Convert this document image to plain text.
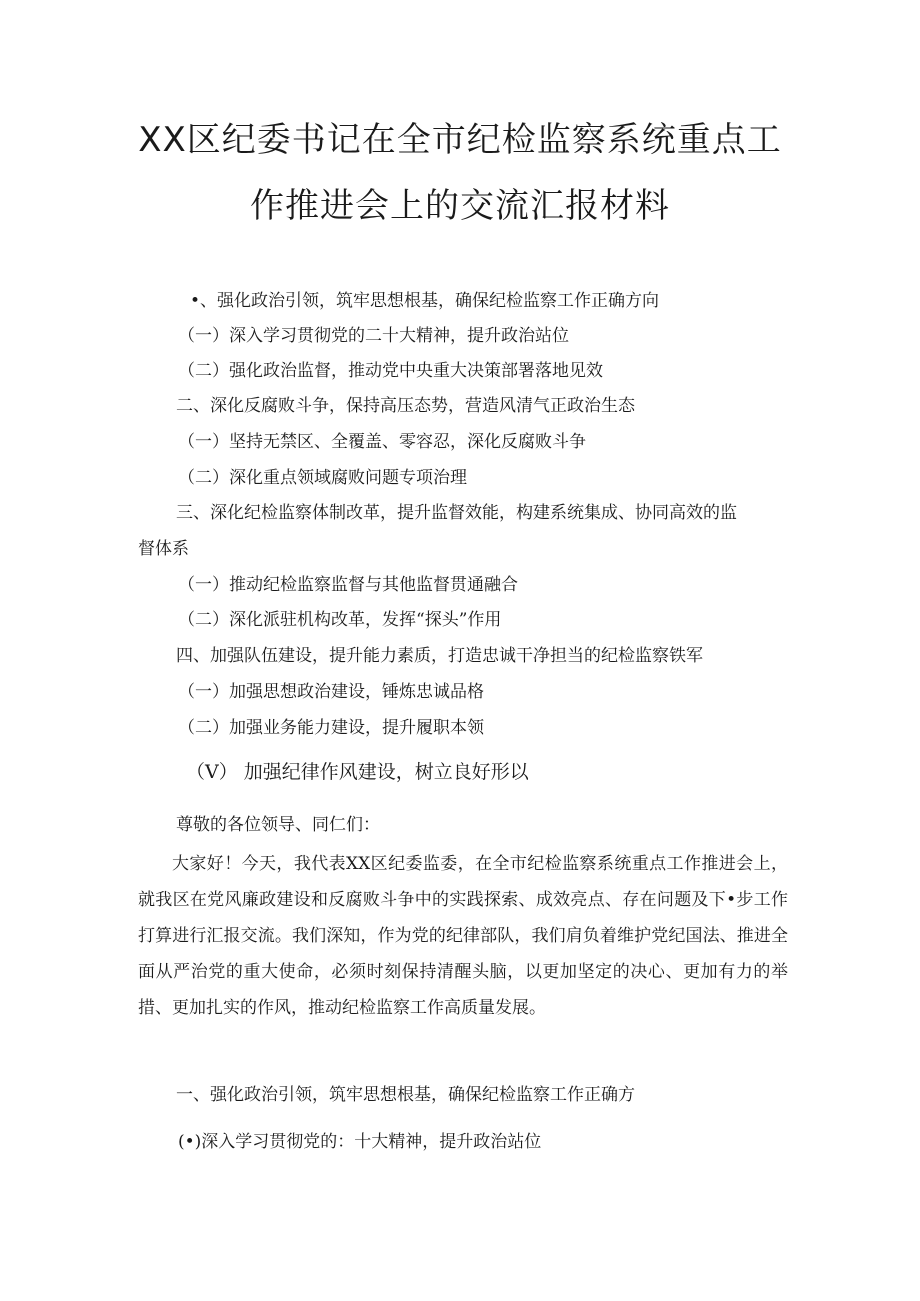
XX区纪委书记在全市纪检监察系统重点工
作推进会上的交流汇报材料

•、强化政治引领，筑牢思想根基，确保纪检监察工作正确方向

（一）深入学习贯彻党的二十大精神，提升政治站位

（二）强化政治监督，推动党中央重大决策部署落地见效

二、深化反腐败斗争，保持高压态势，营造风清气正政治生态

（一）坚持无禁区、全覆盖、零容忍，深化反腐败斗争

（二）深化重点领域腐败问题专项治理

三、深化纪检监察体制改革，提升监督效能，构建系统集成、协同高效的监

督体系

（一）推动纪检监察监督与其他监督贯通融合

（二）深化派驻机构改革，发挥“探头”作用

四、加强队伍建设，提升能力素质，打造忠诚干净担当的纪检监察铁军

（一）加强思想政治建设，锤炼忠诚品格

（二）加强业务能力建设，提升履职本领

（V） 加强纪律作风建设，树立良好形以

尊敬的各位领导、同仁们：

大家好！今天，我代表XX区纪委监委，在全市纪检监察系统重点工作推进会上，就我区在党风廉政建设和反腐败斗争中的实践探索、成效亮点、存在问题及下•步工作打算进行汇报交流。我们深知，作为党的纪律部队，我们肩负着维护党纪国法、推进全面从严治党的重大使命，必须时刻保持清醒头脑，以更加坚定的决心、更加有力的举措、更加扎实的作风，推动纪检监察工作高质量发展。

一、强化政治引领，筑牢思想根基，确保纪检监察工作正确方

(•)深入学习贯彻党的：十大精神，提升政治站位
